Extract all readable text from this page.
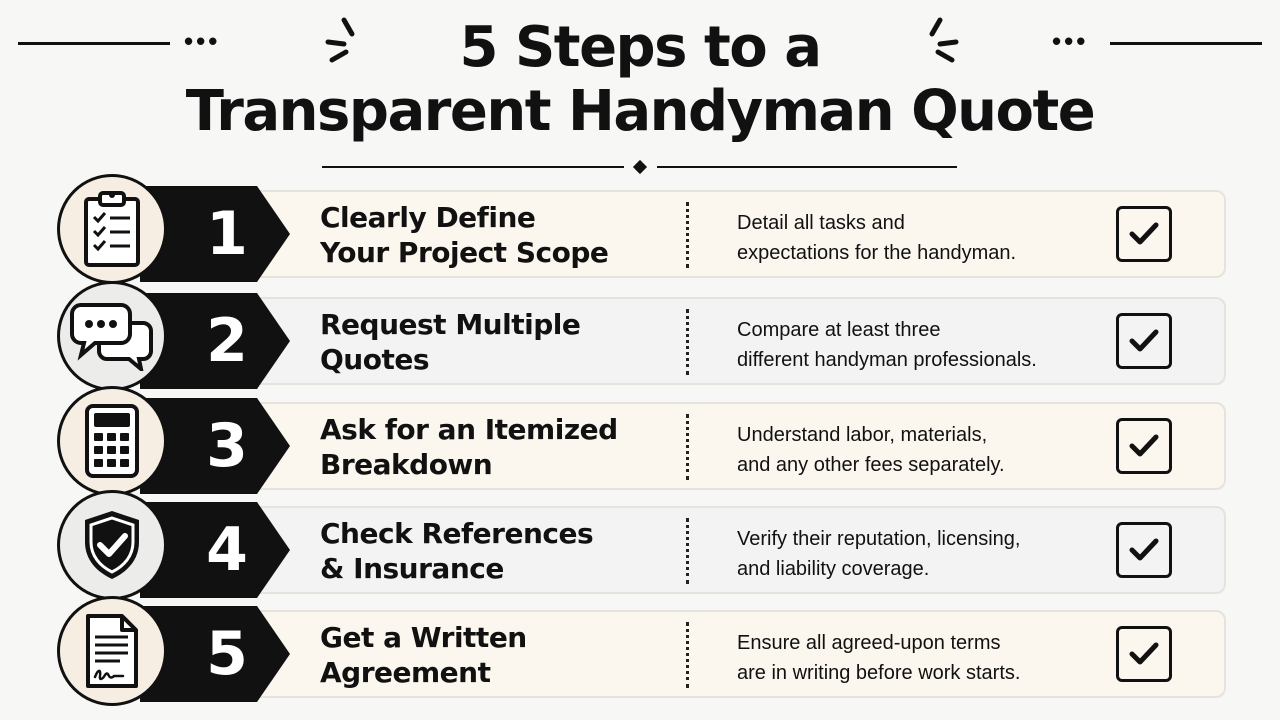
5 Steps to a
Transparent Handyman Quote
•••	•••
1	Clearly Define
Your Project Scope
Detail all tasks and
expectations for the handyman.
2	Request Multiple
Quotes
Compare at least three
different handyman professionals.
3	Ask for an Itemized
Breakdown
Understand labor, materials,
and any other fees separately.
4	Check References
& Insurance
Verify their reputation, licensing,
and liability coverage.
5	Get a Written
Agreement
Ensure all agreed-upon terms
are in writing before work starts.
